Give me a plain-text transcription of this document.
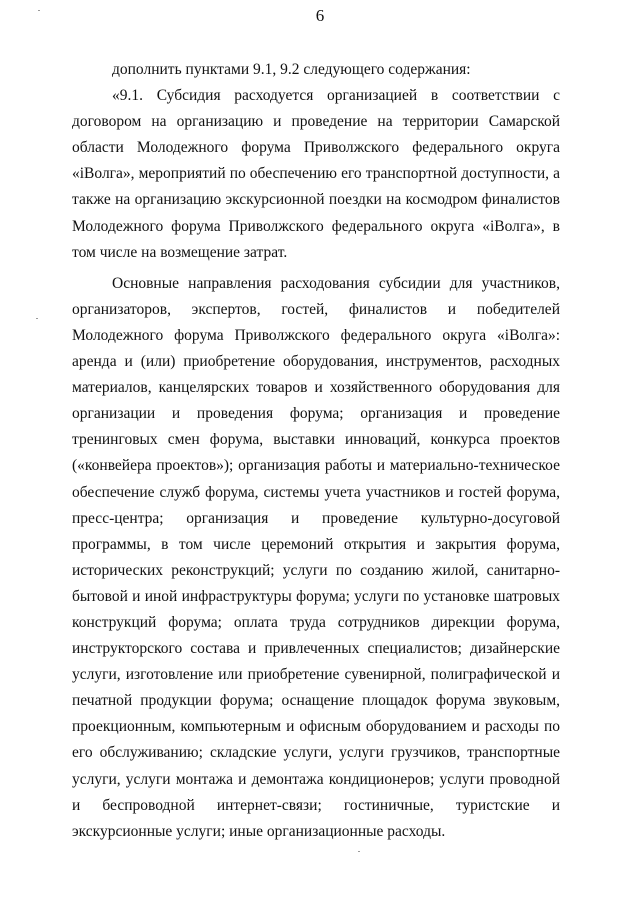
6

дополнить пунктами 9.1, 9.2 следующего содержания:

«9.1. Субсидия расходуется организацией в соответствии с договором на организацию и проведение на территории Самарской области Молодежного форума Приволжского федерального округа «iВолга», мероприятий по обеспечению его транспортной доступности, а также на организацию экскурсионной поездки на космодром финалистов Молодежного форума Приволжского федерального округа «iВолга», в том числе на возмещение затрат.

Основные направления расходования субсидии для участников, организаторов, экспертов, гостей, финалистов и победителей Молодежного форума Приволжского федерального округа «iВолга»: аренда и (или) приобретение оборудования, инструментов, расходных материалов, канцелярских товаров и хозяйственного оборудования для организации и проведения форума; организация и проведение тренинговых смен форума, выставки инноваций, конкурса проектов («конвейера проектов»); организация работы и материально-техническое обеспечение служб форума, системы учета участников и гостей форума, пресс-центра; организация и проведение культурно-досуговой программы, в том числе церемоний открытия и закрытия форума, исторических реконструкций; услуги по созданию жилой, санитарно-бытовой и иной инфраструктуры форума; услуги по установке шатровых конструкций форума; оплата труда сотрудников дирекции форума, инструкторского состава и привлеченных специалистов; дизайнерские услуги, изготовление или приобретение сувенирной, полиграфической и печатной продукции форума; оснащение площадок форума звуковым, проекционным, компьютерным и офисным оборудованием и расходы по его обслуживанию; складские услуги, услуги грузчиков, транспортные услуги, услуги монтажа и демонтажа кондиционеров; услуги проводной и беспроводной интернет-связи; гостиничные, туристские и экскурсионные услуги; иные организационные расходы.
